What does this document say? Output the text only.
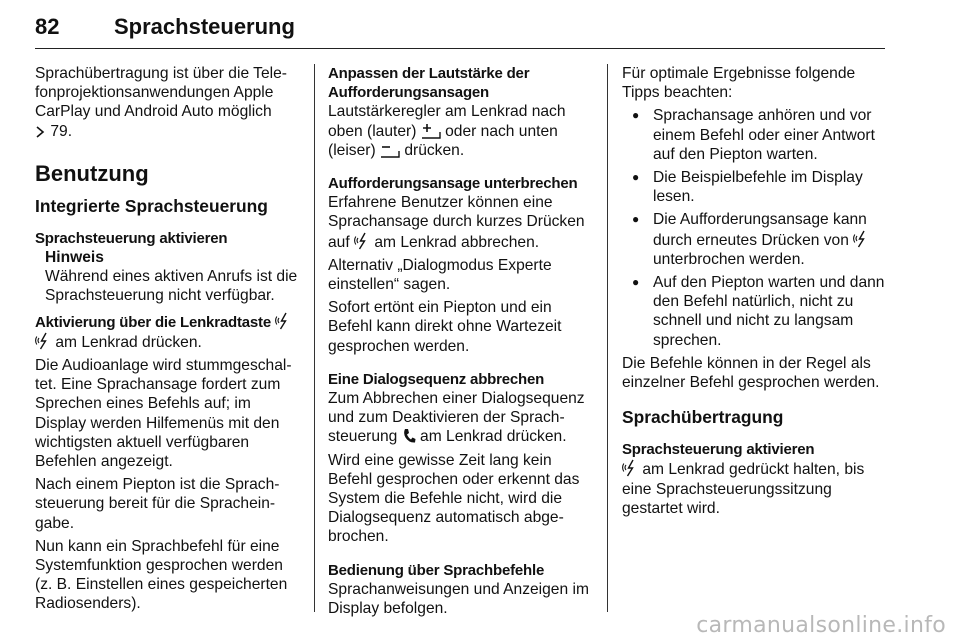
82 Sprachsteuerung

Sprachübertragung ist über die Telefonprojektionsanwendungen Apple CarPlay und Android Auto möglich
79.

Benutzung
Integrierte Sprachsteuerung
Sprachsteuerung aktivieren

Hinweis

Während eines aktiven Anrufs ist die Sprachsteuerung nicht verfügbar.

Aktivierung über die Lenkradtaste

am Lenkrad drücken.

Die Audioanlage wird stummgeschaltet. Eine Sprachansage fordert zum Sprechen eines Befehls auf; im Display werden Hilfemenüs mit den wichtigsten aktuell verfügbaren Befehlen angezeigt.

Nach einem Piepton ist die Sprachsteuerung bereit für die Spracheingabe.

Nun kann ein Sprachbefehl für eine Systemfunktion gesprochen werden (z. B. Einstellen eines gespeicherten Radiosenders).

Anpassen der Lautstärke der Aufforderungsansagen

Lautstärkeregler am Lenkrad nach oben (lauter) oder nach unten (leiser) drücken.

Aufforderungsansage unterbrechen

Erfahrene Benutzer können eine Sprachansage durch kurzes Drücken auf am Lenkrad abbrechen.

Alternativ „Dialogmodus Experte einstellen“ sagen.

Sofort ertönt ein Piepton und ein Befehl kann direkt ohne Wartezeit gesprochen werden.

Eine Dialogsequenz abbrechen

Zum Abbrechen einer Dialogsequenz und zum Deaktivieren der Sprachsteuerung am Lenkrad drücken.

Wird eine gewisse Zeit lang kein Befehl gesprochen oder erkennt das System die Befehle nicht, wird die Dialogsequenz automatisch abgebrochen.

Bedienung über Sprachbefehle

Sprachanweisungen und Anzeigen im Display befolgen.

Für optimale Ergebnisse folgende Tipps beachten:

● Sprachansage anhören und vor einem Befehl oder einer Antwort auf den Piepton warten.
● Die Beispielbefehle im Display lesen.
● Die Aufforderungsansage kann durch erneutes Drücken von  unterbrochen werden.
● Auf den Piepton warten und dann den Befehl natürlich, nicht zu schnell und nicht zu langsam sprechen.

Die Befehle können in der Regel als einzelner Befehl gesprochen werden.

Sprachübertragung
Sprachsteuerung aktivieren

am Lenkrad gedrückt halten, bis eine Sprachsteuerungssitzung gestartet wird.

carmanualsonline.info
